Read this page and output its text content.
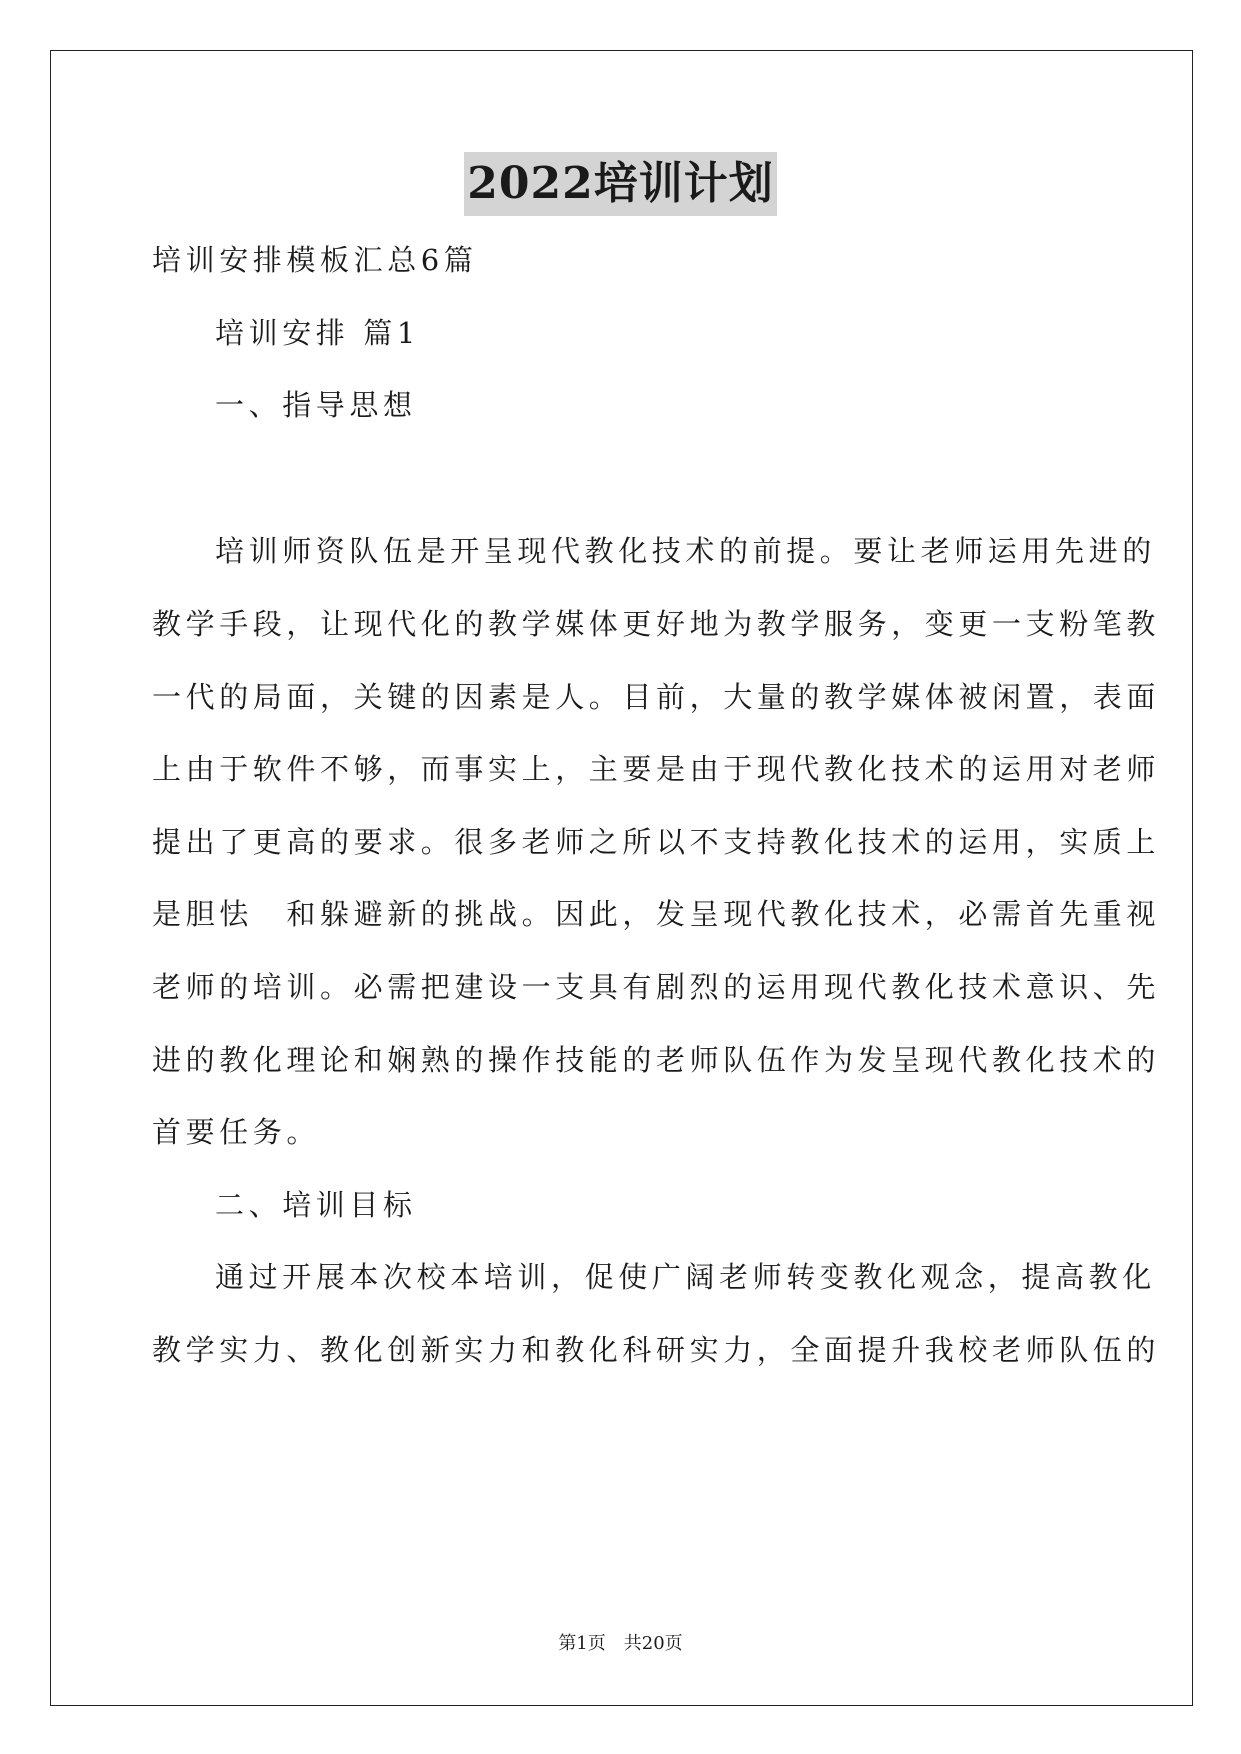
2022培训计划
培训安排模板汇总6篇
培训安排 篇1
一、指导思想
培训师资队伍是开呈现代教化技术的前提。要让老师运用先进的
教学手段，让现代化的教学媒体更好地为教学服务，变更一支粉笔教
一代的局面，关键的因素是人。目前，大量的教学媒体被闲置，表面
上由于软件不够，而事实上，主要是由于现代教化技术的运用对老师
提出了更高的要求。很多老师之所以不支持教化技术的运用，实质上
是胆怯　和躲避新的挑战。因此，发呈现代教化技术，必需首先重视
老师的培训。必需把建设一支具有剧烈的运用现代教化技术意识、先
进的教化理论和娴熟的操作技能的老师队伍作为发呈现代教化技术的
首要任务。
二、培训目标
通过开展本次校本培训，促使广阔老师转变教化观念，提高教化
教学实力、教化创新实力和教化科研实力，全面提升我校老师队伍的
第1页　共20页
